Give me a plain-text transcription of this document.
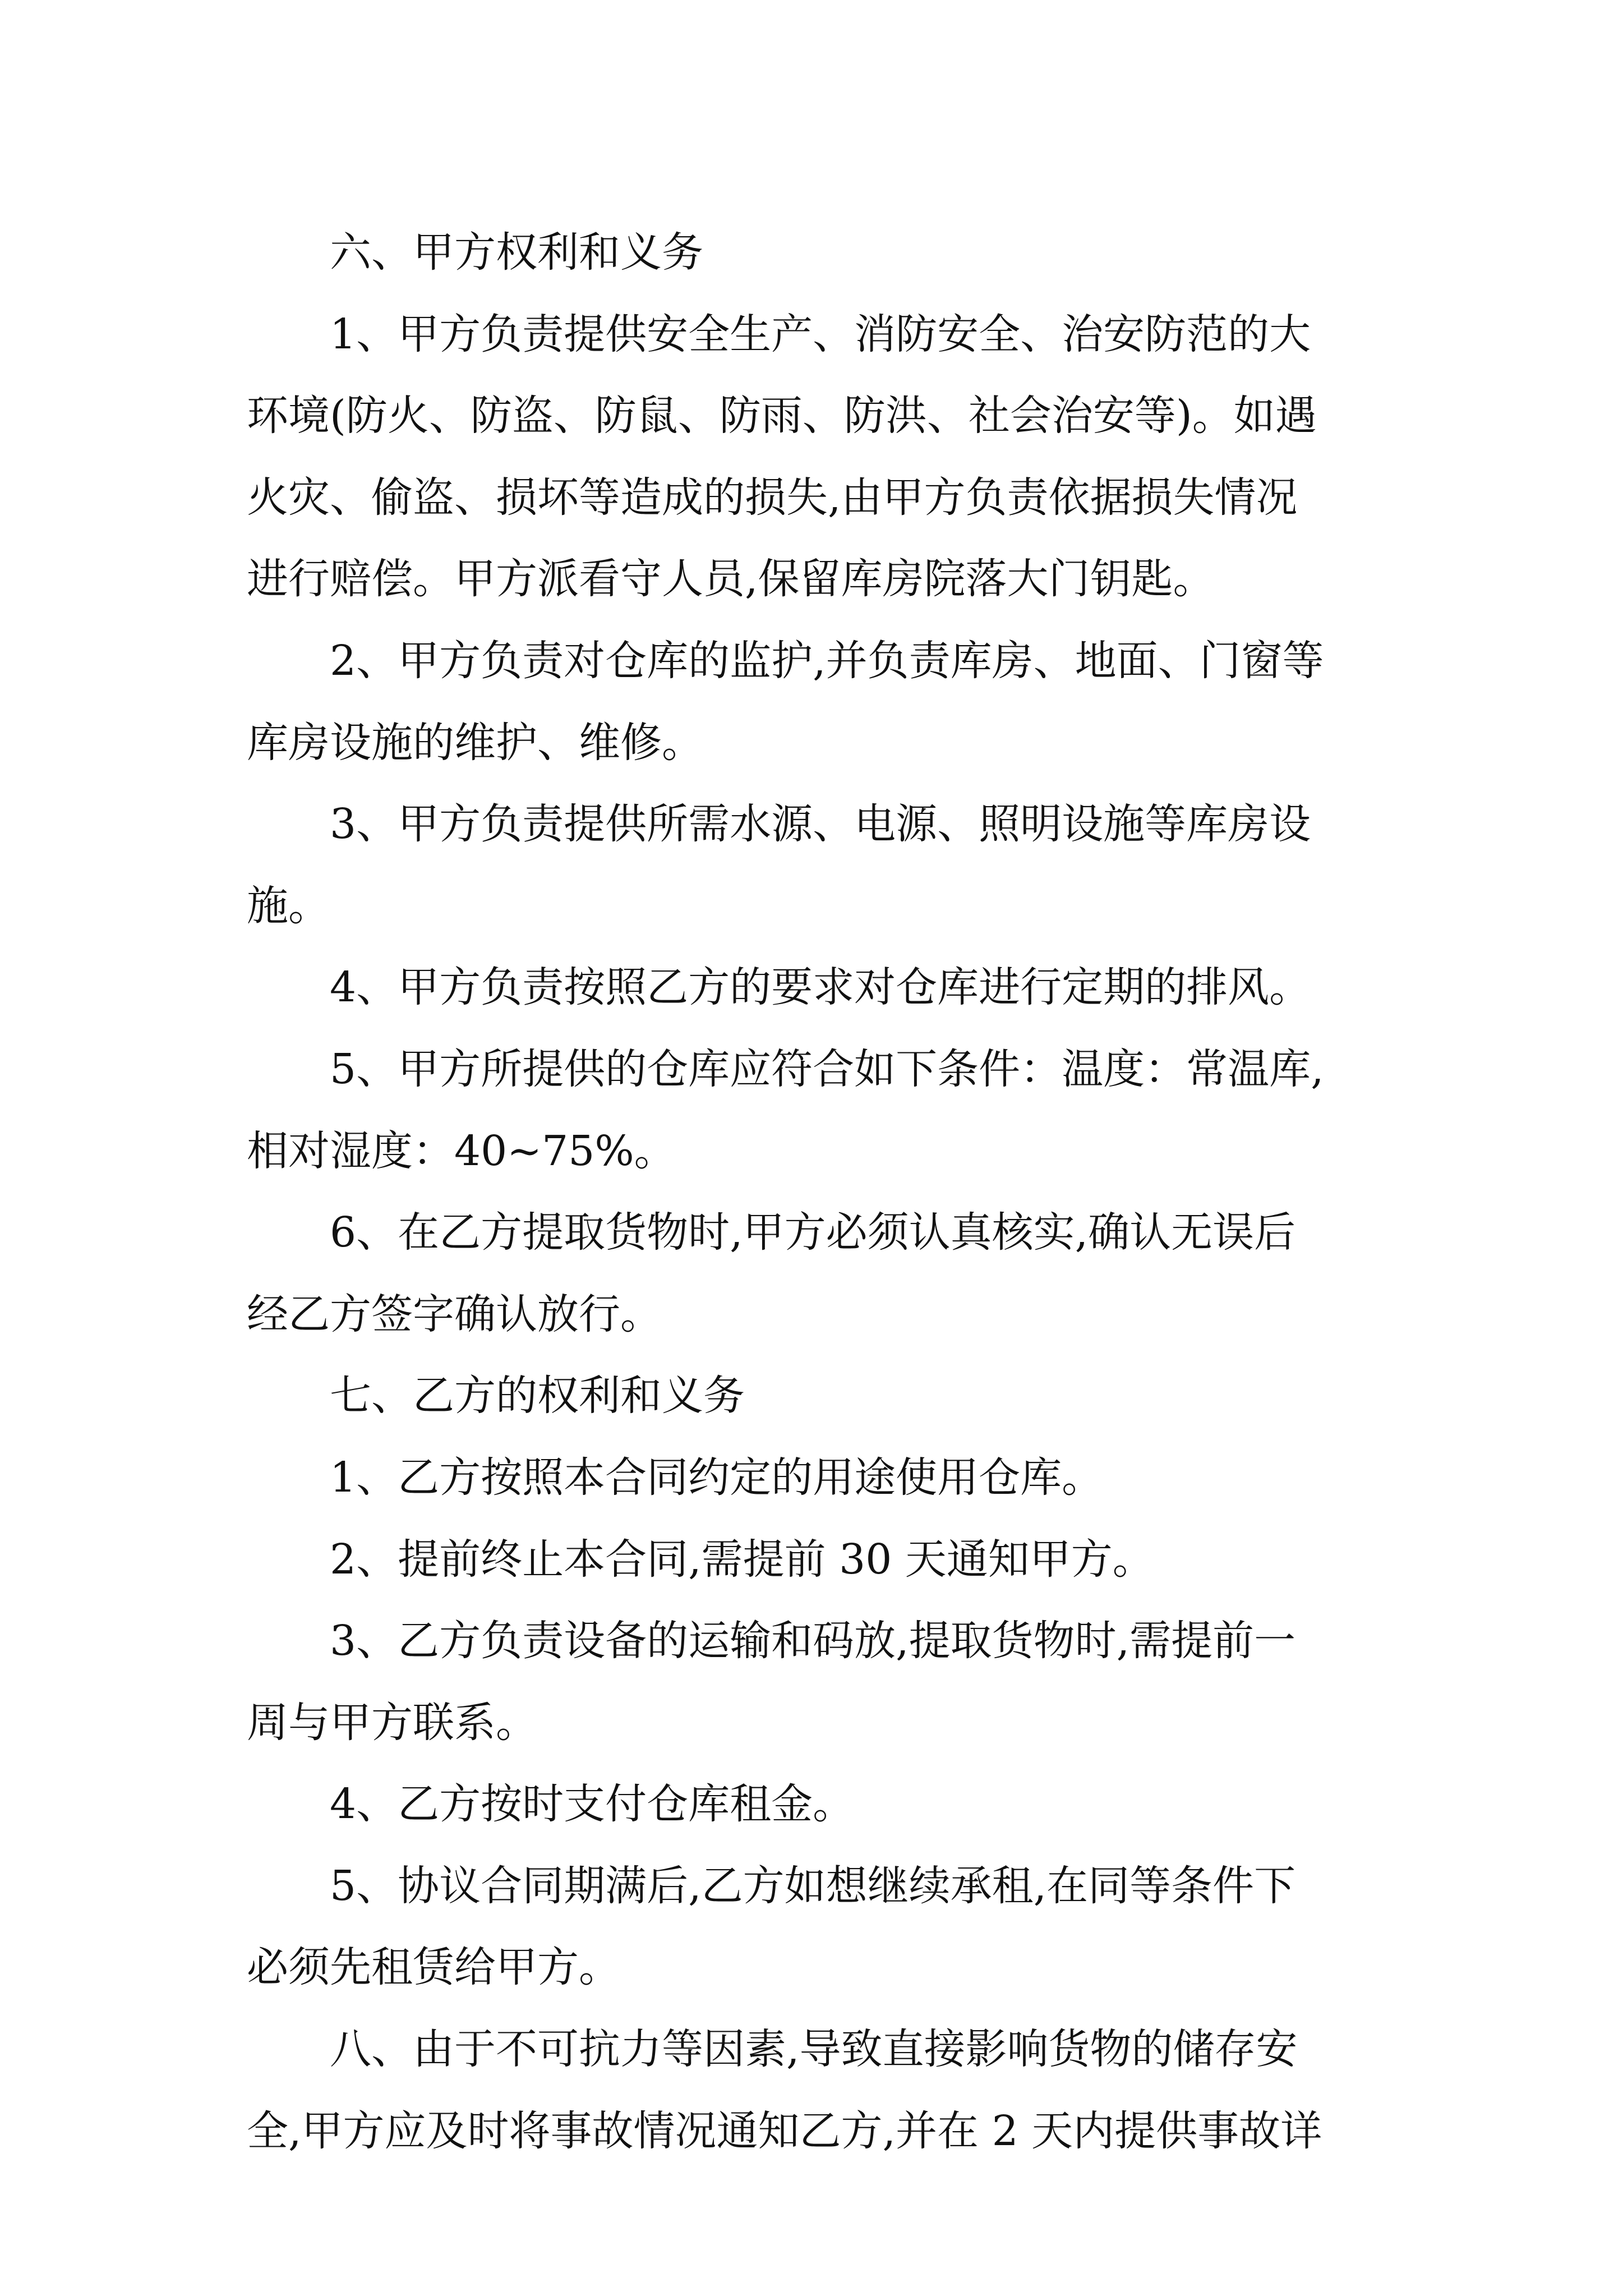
六、甲方权利和义务
1、甲方负责提供安全生产、消防安全、治安防范的大
环境(防火、防盗、防鼠、防雨、防洪、社会治安等)。如遇
火灾、偷盗、损坏等造成的损失,由甲方负责依据损失情况
进行赔偿。甲方派看守人员,保留库房院落大门钥匙。
2、甲方负责对仓库的监护,并负责库房、地面、门窗等
库房设施的维护、维修。
3、甲方负责提供所需水源、电源、照明设施等库房设
施。
4、甲方负责按照乙方的要求对仓库进行定期的排风。
5、甲方所提供的仓库应符合如下条件：温度：常温库,
相对湿度：40~75%。
6、在乙方提取货物时,甲方必须认真核实,确认无误后
经乙方签字确认放行。
七、乙方的权利和义务
1、乙方按照本合同约定的用途使用仓库。
2、提前终止本合同,需提前 30 天通知甲方。
3、乙方负责设备的运输和码放,提取货物时,需提前一
周与甲方联系。
4、乙方按时支付仓库租金。
5、协议合同期满后,乙方如想继续承租,在同等条件下
必须先租赁给甲方。
八、由于不可抗力等因素,导致直接影响货物的储存安
全,甲方应及时将事故情况通知乙方,并在 2 天内提供事故详
